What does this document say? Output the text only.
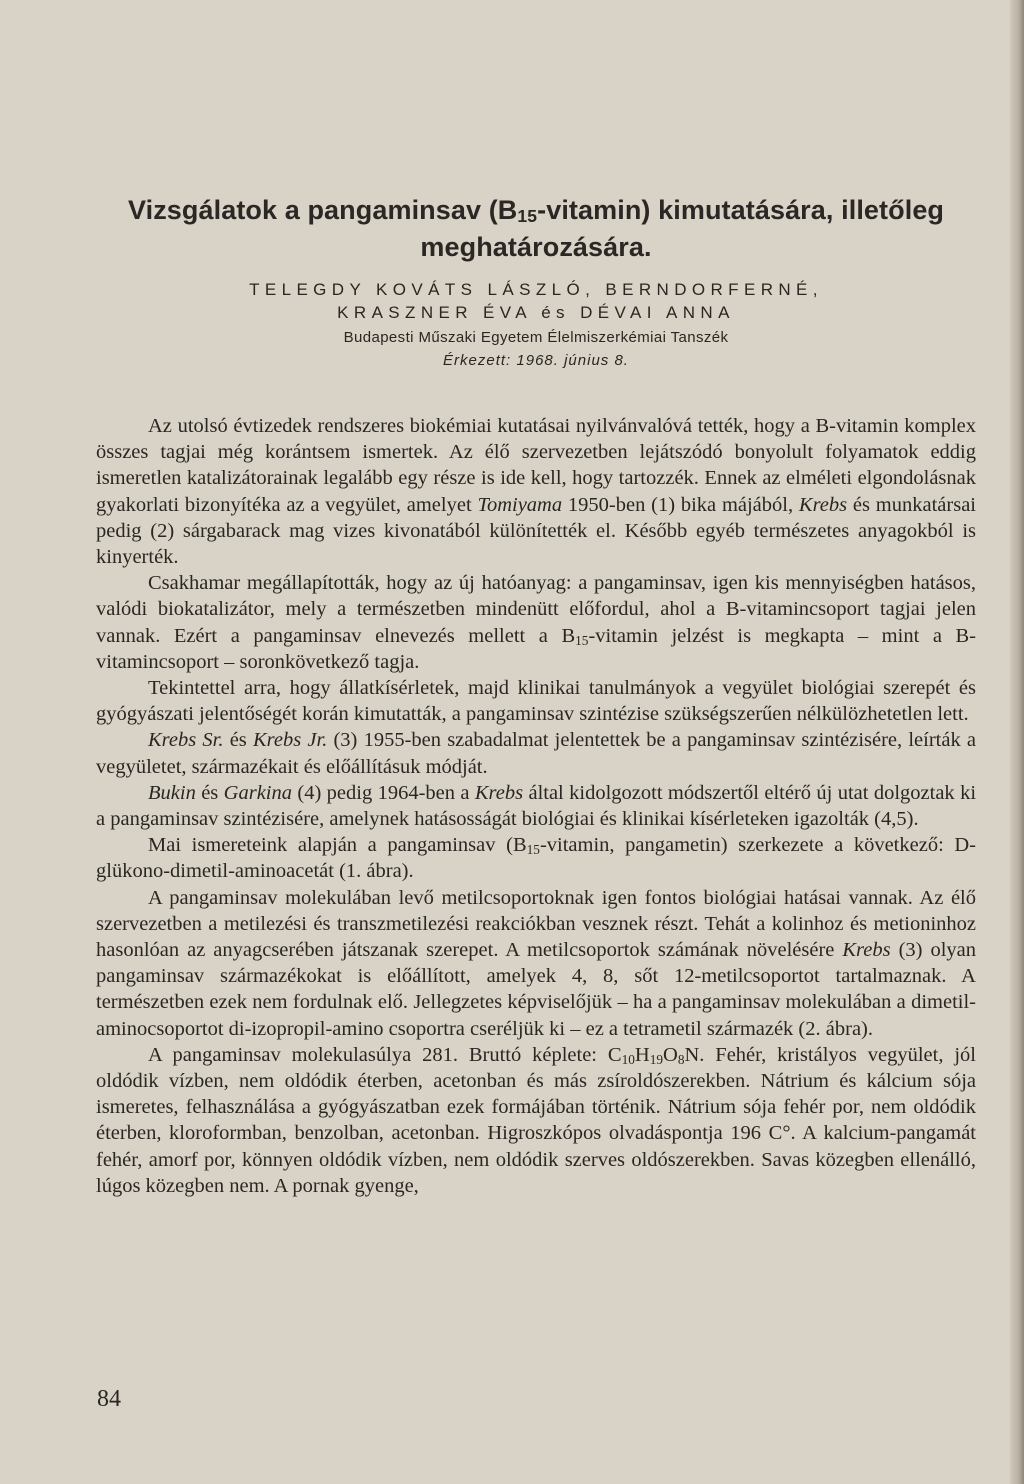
Vizsgálatok a pangaminsav $(B_{15}-vitamin)$ kimutatására, illetőleg meghatározására.
TELEGDY KOVÁTS LÁSZLÓ, BERNDORFERNÉ,
KRASZNER ÉVA és DÉVAI ANNA
Budapesti Műszaki Egyetem Élelmiszerkémiai Tanszék
Érkezett: 1968. június 8.

Az utolsó évtizedek rendszeres biokémiai kutatásai nyilvánvalóvá tették, hogy a B-vitamin komplex összes tagjai még korántsem ismertek. Az élő szervezetben lejátszódó bonyolult folyamatok eddig ismeretlen katalizátorainak legalább egy része is ide kell, hogy tartozzék. Ennek az elméleti elgondolásnak gyakorlati bizonyítéka az a vegyület, amelyet Tomiyama 1950-ben (1) bika májából, Krebs és munkatársai pedig (2) sárgabarack mag vizes kivonatából különítették el. Később egyéb természetes anyagokból is kinyerték.

Csakhamar megállapították, hogy az új hatóanyag: a pangaminsav, igen kis mennyiségben hatásos, valódi biokatalizátor, mely a természetben mindenütt előfordul, ahol a B-vitamincsoport tagjai jelen vannak. Ezért a pangaminsav elnevezés mellett a $B_{15}$-vitamin jelzést is megkapta – mint a B-vitamincsoport – soronkövetkező tagja.

Tekintettel arra, hogy állatkísérletek, majd klinikai tanulmányok a vegyület biológiai szerepét és gyógyászati jelentőségét korán kimutatták, a pangaminsav szintézise szükségszerűen nélkülözhetetlen lett.

Krebs Sr. és Krebs Jr. (3) 1955-ben szabadalmat jelentettek be a pangaminsav szintézisére, leírták a vegyületet, származékait és előállításuk módját.

Bukin és Garkina (4) pedig 1964-ben a Krebs által kidolgozott módszertől eltérő új utat dolgoztak ki a pangaminsav szintézisére, amelynek hatásosságát biológiai és klinikai kísérleteken igazolták (4,5).

Mai ismereteink alapján a pangaminsav ($B_{15}$-vitamin, pangametin) szerkezete a következő: D-glükono-dimetil-aminoacetát (1. ábra).

A pangaminsav molekulában levő metilcsoportoknak igen fontos biológiai hatásai vannak. Az élő szervezetben a metilezési és transzmetilezési reakciókban vesznek részt. Tehát a kolinhoz és metioninhoz hasonlóan az anyagcserében játszanak szerepet. A metilcsoportok számának növelésére Krebs (3) olyan pangaminsav származékokat is előállított, amelyek 4, 8, sőt 12-metilcsoportot tartalmaznak. A természetben ezek nem fordulnak elő. Jellegzetes képviselőjük – ha a pangaminsav molekulában a dimetil-aminocsoportot di-izopropil-amino csoportra cseréljük ki – ez a tetrametil származék (2. ábra).

A pangaminsav molekulasúlya 281. Bruttó képlete: $C_{10}H_{19}O_8N$. Fehér, kristályos vegyület, jól oldódik vízben, nem oldódik éterben, acetonban és más zsíroldószerekben. Nátrium és kálcium sója ismeretes, felhasználása a gyógyászatban ezek formájában történik. Nátrium sója fehér por, nem oldódik éterben, kloroformban, benzolban, acetonban. Higroszkópos olvadáspontja 196 C°. A kalcium-pangamát fehér, amorf por, könnyen oldódik vízben, nem oldódik szerves oldószerekben. Savas közegben ellenálló, lúgos közegben nem. A pornak gyenge,

84
